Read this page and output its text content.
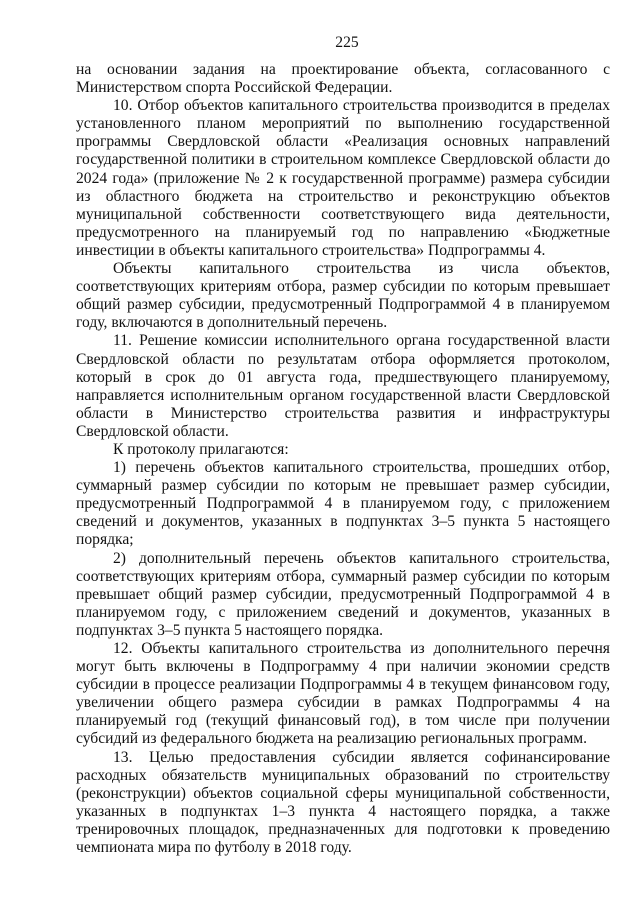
225

на основании задания на проектирование объекта, согласованного с Министерством спорта Российской Федерации.

10. Отбор объектов капитального строительства производится в пределах установленного планом мероприятий по выполнению государственной программы Свердловской области «Реализация основных направлений государственной политики в строительном комплексе Свердловской области до 2024 года» (приложение № 2 к государственной программе) размера субсидии из областного бюджета на строительство и реконструкцию объектов муниципальной собственности соответствующего вида деятельности, предусмотренного на планируемый год по направлению «Бюджетные инвестиции в объекты капитального строительства» Подпрограммы 4.

Объекты капитального строительства из числа объектов, соответствующих критериям отбора, размер субсидии по которым превышает общий размер субсидии, предусмотренный Подпрограммой 4 в планируемом году, включаются в дополнительный перечень.

11. Решение комиссии исполнительного органа государственной власти Свердловской области по результатам отбора оформляется протоколом, который в срок до 01 августа года, предшествующего планируемому, направляется исполнительным органом государственной власти Свердловской области в Министерство строительства развития и инфраструктуры Свердловской области.

К протоколу прилагаются:

1) перечень объектов капитального строительства, прошедших отбор, суммарный размер субсидии по которым не превышает размер субсидии, предусмотренный Подпрограммой 4 в планируемом году, с приложением сведений и документов, указанных в подпунктах 3–5 пункта 5 настоящего порядка;

2) дополнительный перечень объектов капитального строительства, соответствующих критериям отбора, суммарный размер субсидии по которым превышает общий размер субсидии, предусмотренный Подпрограммой 4 в планируемом году, с приложением сведений и документов, указанных в подпунктах 3–5 пункта 5 настоящего порядка.

12. Объекты капитального строительства из дополнительного перечня могут быть включены в Подпрограмму 4 при наличии экономии средств субсидии в процессе реализации Подпрограммы 4 в текущем финансовом году, увеличении общего размера субсидии в рамках Подпрограммы 4 на планируемый год (текущий финансовый год), в том числе при получении субсидий из федерального бюджета на реализацию региональных программ.

13. Целью предоставления субсидии является софинансирование расходных обязательств муниципальных образований по строительству (реконструкции) объектов социальной сферы муниципальной собственности, указанных в подпунктах 1–3 пункта 4 настоящего порядка, а также тренировочных площадок, предназначенных для подготовки к проведению чемпионата мира по футболу в 2018 году.
